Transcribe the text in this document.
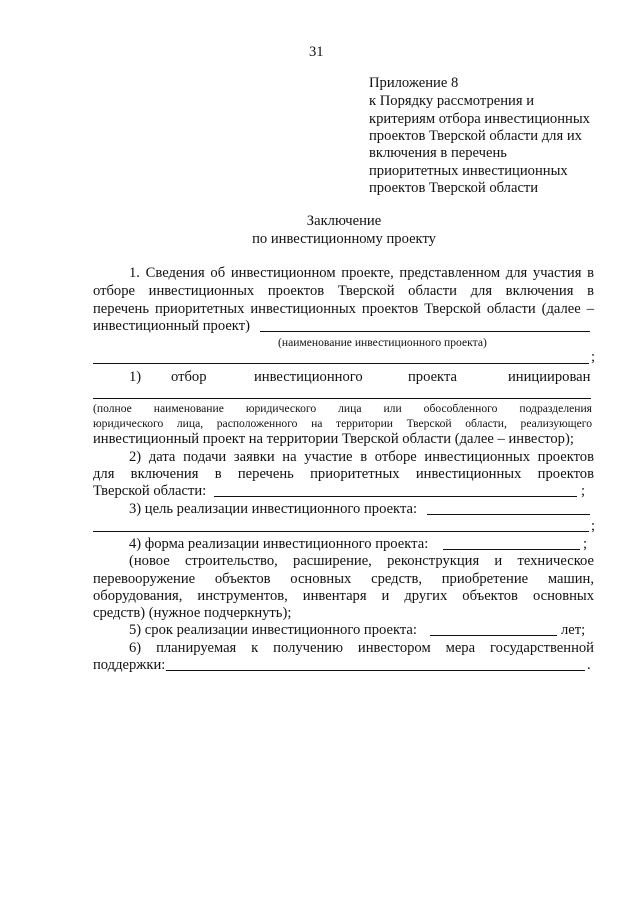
31
Приложение 8
к Порядку рассмотрения и
критериям отбора инвестиционных
проектов Тверской области для их
включения в перечень
приоритетных инвестиционных
проектов Тверской области
Заключение
по инвестиционному проекту
1. Сведения об инвестиционном проекте, представленном для участия в
отборе инвестиционных проектов Тверской области для включения в
перечень приоритетных инвестиционных проектов Тверской области (далее –
инвестиционный проект)
(наименование инвестиционного проекта)
;
1) отбор	инвестиционного	проекта	инициирован
(полное наименование юридического лица или обособленного подразделения
юридического лица, расположенного на территории Тверской области, реализующего
инвестиционный проект на территории Тверской области (далее – инвестор);
2) дата подачи заявки на участие в отборе инвестиционных проектов
для включения в перечень приоритетных инвестиционных проектов
Тверской области:	;
3) цель реализации инвестиционного проекта:
;
4) форма реализации инвестиционного проекта:	;
(новое строительство, расширение, реконструкция и техническое
перевооружение объектов основных средств, приобретение машин,
оборудования, инструментов, инвентаря и других объектов основных
средств) (нужное подчеркнуть);
5) срок реализации инвестиционного проекта:	лет;
6) планируемая к получению инвестором мера государственной
поддержки:	.
